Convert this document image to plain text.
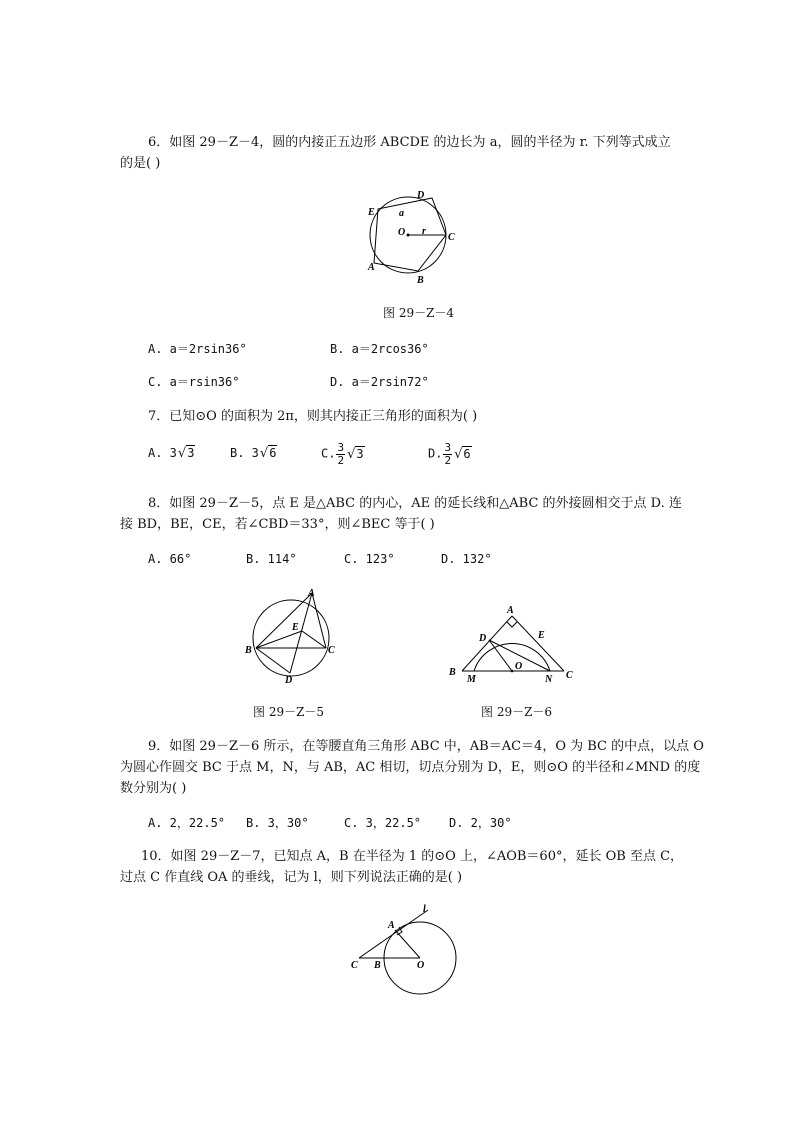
6．如图 29－Z－4，圆的内接正五边形 ABCDE 的边长为 a，圆的半径为 r. 下列等式成立
的是( )
E
D
C
B
A
O
a
r
图 29－Z－4
A. a＝2rsin36°	B. a＝2rcos36°
C. a＝rsin36°	D. a＝2rsin72°
7．已知⊙O 的面积为 2π，则其内接正三角形的面积为( )
A. 3√3	B. 3√6	C. $\frac{3}{2} √3$	D. $\frac{3}{2} √6$
8．如图 29－Z－5，点 E 是△ABC 的内心，AE 的延长线和△ABC 的外接圆相交于点 D. 连
接 BD，BE，CE，若∠CBD＝33°，则∠BEC 等于( )
A. 66°	B. 114°	C. 123°	D. 132°
A
B	C
D
E
图 29－Z－5
A
B	C
D	E
O
M	N
图 29－Z－6
9．如图 29－Z－6 所示，在等腰直角三角形 ABC 中，AB＝AC＝4，O 为 BC 的中点，以点 O
为圆心作圆交 BC 于点 M，N，与 AB，AC 相切，切点分别为 D，E，则⊙O 的半径和∠MND 的度
数分别为( )
A. 2，22.5° B. 3，30°	C. 3，22.5° D. 2，30°
10．如图 29－Z－7，已知点 A，B 在半径为 1 的⊙O 上，∠AOB＝60°，延长 OB 至点 C，
过点 C 作直线 OA 的垂线，记为 l，则下列说法正确的是( )
A
B
C	O
l
